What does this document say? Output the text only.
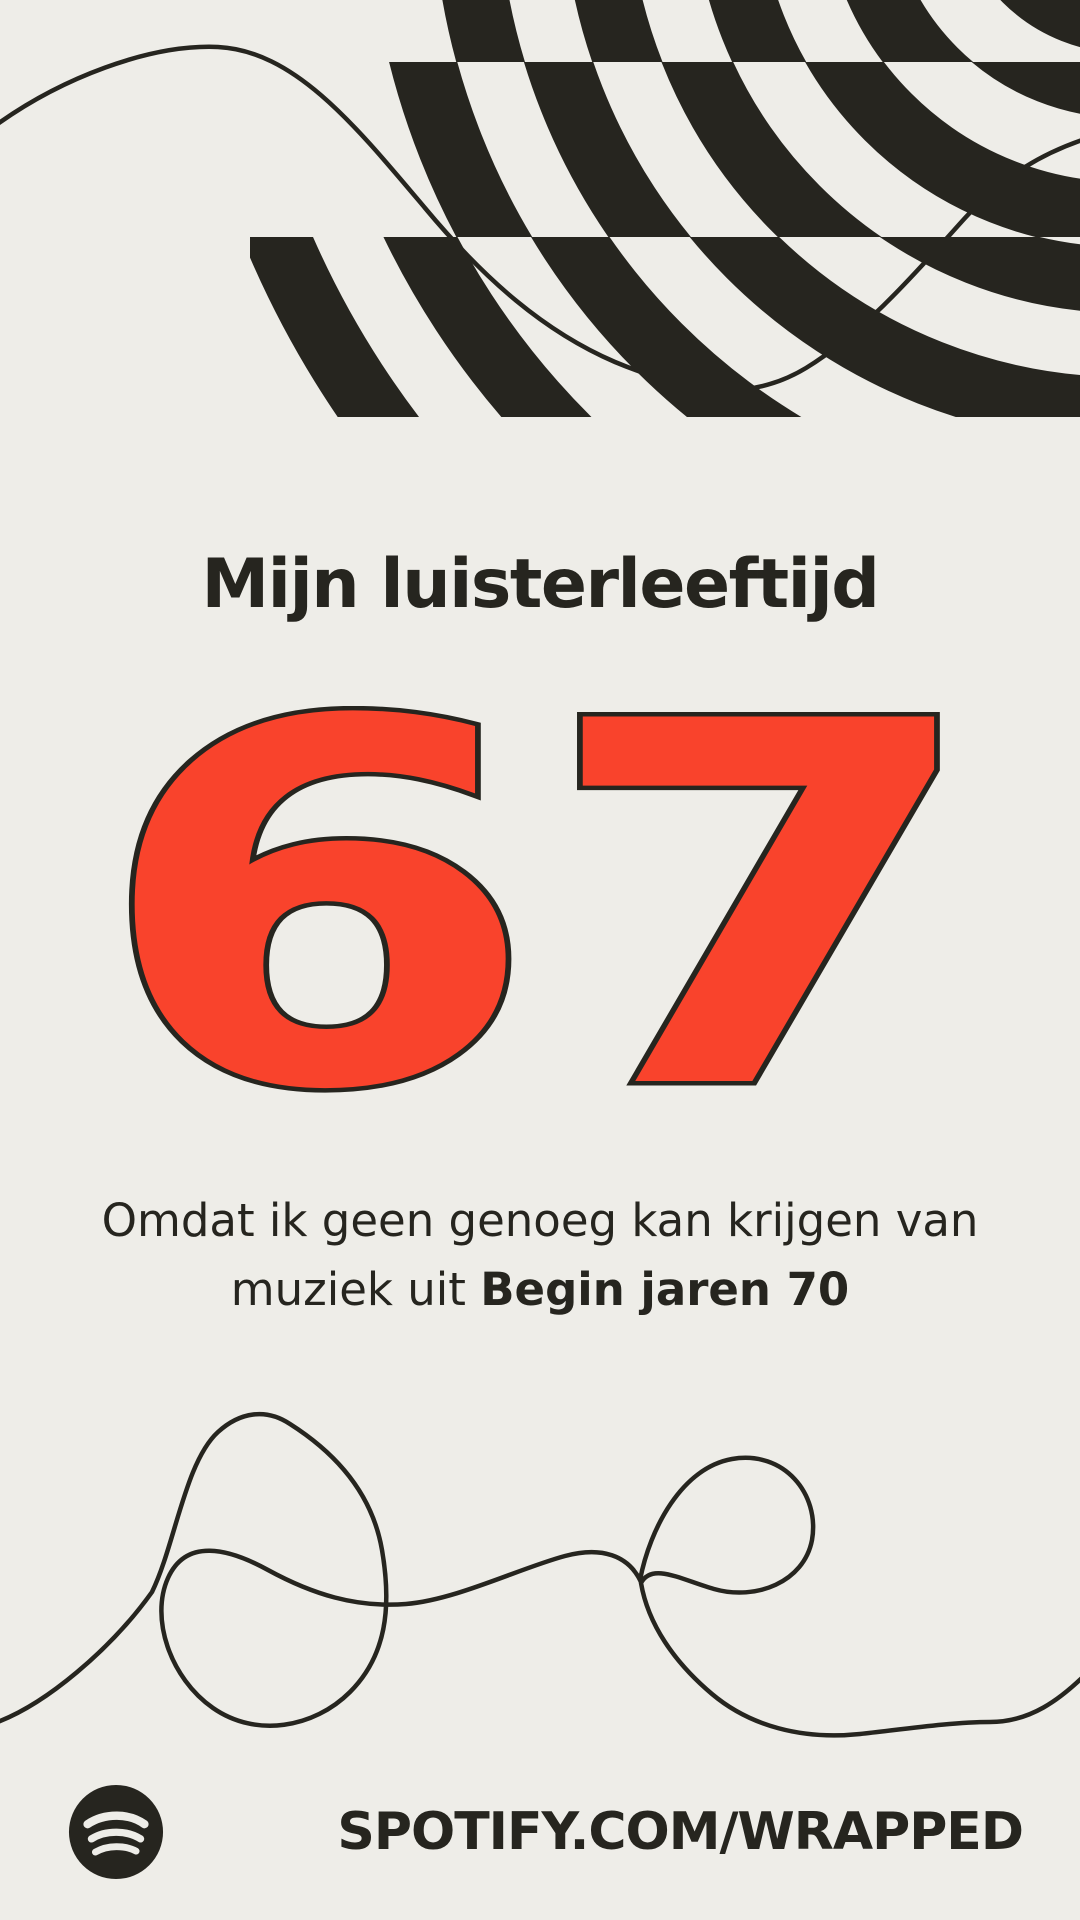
Mijn luisterleeftijd
67
Omdat ik geen genoeg kan krijgen van
muziek uit Begin jaren 70
SPOTIFY.COM/WRAPPED
